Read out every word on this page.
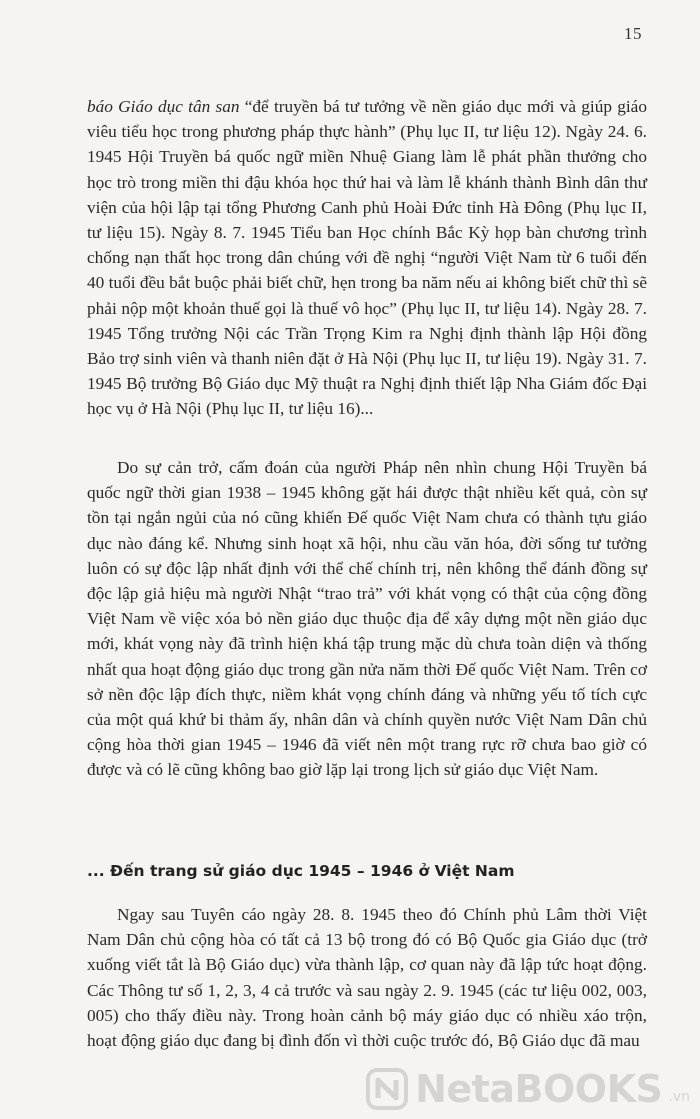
15
báo Giáo dục tân san “để truyền bá tư tưởng về nền giáo dục mới và giúp giáo viêu tiểu học trong phương pháp thực hành” (Phụ lục II, tư liệu 12). Ngày 24. 6. 1945 Hội Truyền bá quốc ngữ miền Nhuệ Giang làm lễ phát phần thưởng cho học trò trong miền thi đậu khóa học thứ hai và làm lễ khánh thành Bình dân thư viện của hội lập tại tổng Phương Canh phủ Hoài Đức tỉnh Hà Đông (Phụ lục II, tư liệu 15). Ngày 8. 7. 1945 Tiểu ban Học chính Bắc Kỳ họp bàn chương trình chống nạn thất học trong dân chúng với đề nghị “người Việt Nam từ 6 tuổi đến 40 tuổi đều bắt buộc phải biết chữ, hẹn trong ba năm nếu ai không biết chữ thì sẽ phải nộp một khoản thuế gọi là thuế vô học” (Phụ lục II, tư liệu 14). Ngày 28. 7. 1945 Tổng trưởng Nội các Trần Trọng Kim ra Nghị định thành lập Hội đồng Bảo trợ sinh viên và thanh niên đặt ở Hà Nội (Phụ lục II, tư liệu 19). Ngày 31. 7. 1945 Bộ trưởng Bộ Giáo dục Mỹ thuật ra Nghị định thiết lập Nha Giám đốc Đại học vụ ở Hà Nội (Phụ lục II, tư liệu 16)...
Do sự cản trở, cấm đoán của người Pháp nên nhìn chung Hội Truyền bá quốc ngữ thời gian 1938 – 1945 không gặt hái được thật nhiều kết quả, còn sự tồn tại ngắn ngủi của nó cũng khiến Đế quốc Việt Nam chưa có thành tựu giáo dục nào đáng kể. Nhưng sinh hoạt xã hội, nhu cầu văn hóa, đời sống tư tưởng luôn có sự độc lập nhất định với thể chế chính trị, nên không thể đánh đồng sự độc lập giả hiệu mà người Nhật “trao trả” với khát vọng có thật của cộng đồng Việt Nam về việc xóa bỏ nền giáo dục thuộc địa để xây dựng một nền giáo dục mới, khát vọng này đã trình hiện khá tập trung mặc dù chưa toàn diện và thống nhất qua hoạt động giáo dục trong gần nửa năm thời Đế quốc Việt Nam. Trên cơ sở nền độc lập đích thực, niềm khát vọng chính đáng và những yếu tố tích cực của một quá khứ bi thảm ấy, nhân dân và chính quyền nước Việt Nam Dân chủ cộng hòa thời gian 1945 – 1946 đã viết nên một trang rực rỡ chưa bao giờ có được và có lẽ cũng không bao giờ lặp lại trong lịch sử giáo dục Việt Nam.
... Đến trang sử giáo dục 1945 – 1946 ở Việt Nam
Ngay sau Tuyên cáo ngày 28. 8. 1945 theo đó Chính phủ Lâm thời Việt Nam Dân chủ cộng hòa có tất cả 13 bộ trong đó có Bộ Quốc gia Giáo dục (trở xuống viết tắt là Bộ Giáo dục) vừa thành lập, cơ quan này đã lập tức hoạt động. Các Thông tư số 1, 2, 3, 4 cả trước và sau ngày 2. 9. 1945 (các tư liệu 002, 003, 005) cho thấy điều này. Trong hoàn cảnh bộ máy giáo dục có nhiều xáo trộn, hoạt động giáo dục đang bị đình đốn vì thời cuộc trước đó, Bộ Giáo dục đã mau
NetaBOOKS .vn
